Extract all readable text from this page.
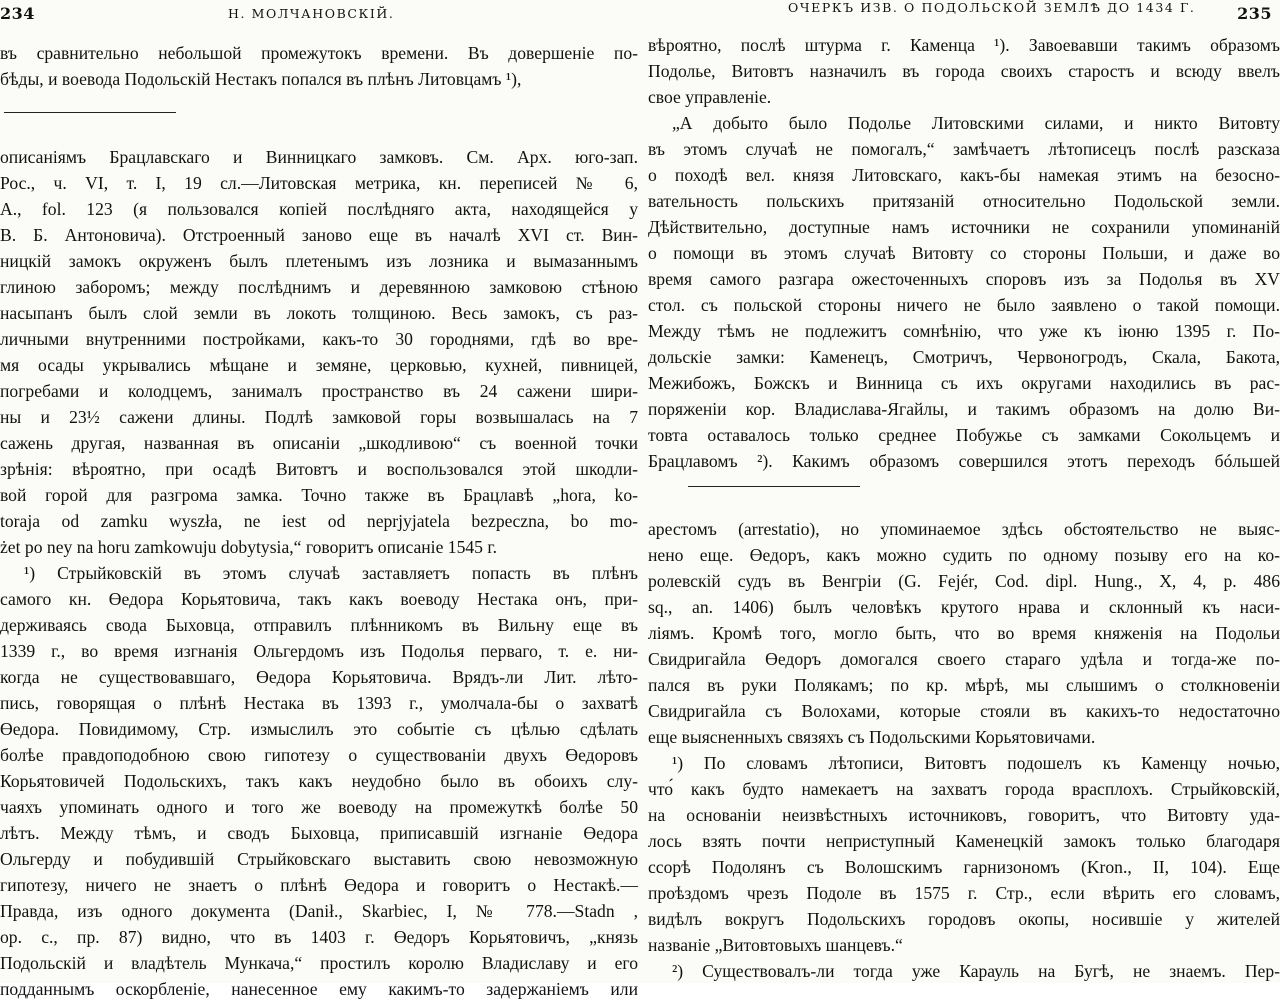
234	Н. МОЛЧАНОВСКІЙ.
въ сравнительно небольшой промежутокъ времени. Въ довершеніе по-
бѣды, и воевода Подольскій Нестакъ попался въ плѣнъ Литовцамъ ¹),
описаніямъ Брацлавскаго и Винницкаго замковъ. См. Арх. юго-зап.
Рос., ч. VI, т. I, 19 сл.—Литовская метрика, кн. переписей № 6,
А., fol. 123 (я пользовался копіей послѣдняго акта, находящейся у
В. Б. Антоновича). Отстроенный заново еще въ началѣ XVI ст. Вин-
ницкій замокъ окруженъ былъ плетенымъ изъ лозника и вымазаннымъ
глиною заборомъ; между послѣднимъ и деревянною замковою стѣною
насыпанъ былъ слой земли въ локоть толщиною. Весь замокъ, съ раз-
личными внутренними постройками, какъ-то 30 городнями, гдѣ во вре-
мя осады укрывались мѣщане и земяне, церковью, кухней, пивницей,
погребами и колодцемъ, занималъ пространство въ 24 сажени шири-
ны и 23½ сажени длины. Подлѣ замковой горы возвышалась на 7
сажень другая, названная въ описаніи „шкодливою“ съ военной точки
зрѣнія: вѣроятно, при осадѣ Витовтъ и воспользовался этой шкодли-
вой горой для разгрома замка. Точно также въ Брацлавѣ „hora, ko-
toraja od zamku wyszła, ne iest od neprjyjatela bezpeczna, bo mo-
żet po ney na horu zamkowuju dobytysia,“ говоритъ описаніе 1545 г.
¹) Стрыйковскій въ этомъ случаѣ заставляетъ попасть въ плѣнъ
самого кн. Өедора Корьятовича, такъ какъ воеводу Нестака онъ, при-
держиваясь свода Быховца, отправилъ плѣнникомъ въ Вильну еще въ
1339 г., во время изгнанія Ольгердомъ изъ Подолья перваго, т. е. ни-
когда не существовавшаго, Өедора Корьятовича. Врядъ-ли Лит. лѣто-
пись, говорящая о плѣнѣ Нестака въ 1393 г., умолчала-бы о захватѣ
Өедора. Повидимому, Стр. измыслилъ это событіе съ цѣлью сдѣлать
болѣе правдоподобною свою гипотезу о существованіи двухъ Өедоровъ
Корьятовичей Подольскихъ, такъ какъ неудобно было въ обоихъ слу-
чаяхъ упоминать одного и того же воеводу на промежуткѣ болѣе 50
лѣтъ. Между тѣмъ, и сводъ Быховца, приписавшій изгнаніе Өедора
Ольгерду и побудившій Стрыйковскаго выставить свою невозможную
гипотезу, ничего не знаетъ о плѣнѣ Өедора и говоритъ о Нестакѣ.—
Правда, изъ одного документа (Danił., Skarbiec, I, № 778.—Stadn ,
op. c., пр. 87) видно, что въ 1403 г. Өедоръ Корьятовичъ, „князь
Подольскій и владѣтель Мункача,“ простилъ королю Владиславу и его
подданнымъ оскорбленіе, нанесенное ему какимъ-то задержаніемъ или
ОЧЕРКЪ ИЗВ. О ПОДОЛЬСКОЙ ЗЕМЛѢ ДО 1434 Г.	235
вѣроятно, послѣ штурма г. Каменца ¹). Завоевавши такимъ образомъ
Подолье, Витовтъ назначилъ въ города своихъ старостъ и всюду ввелъ
свое управленіе.
„А добыто было Подолье Литовскими силами, и никто Витовту
въ этомъ случаѣ не помогалъ,“ замѣчаетъ лѣтописецъ послѣ разсказа
о походѣ вел. князя Литовскаго, какъ-бы намекая этимъ на безосно-
вательность польскихъ притязаній относительно Подольской земли.
Дѣйствительно, доступные намъ источники не сохранили упоминаній
о помощи въ этомъ случаѣ Витовту со стороны Польши, и даже во
время самого разгара ожесточенныхъ споровъ изъ за Подолья въ XV
стол. съ польской стороны ничего не было заявлено о такой помощи.
Между тѣмъ не подлежитъ сомнѣнію, что уже къ іюню 1395 г. По-
дольскіе замки: Каменецъ, Смотричъ, Червоногродъ, Скала, Бакота,
Межибожъ, Божскъ и Винница съ ихъ округами находились въ рас-
поряженіи кор. Владислава-Ягайлы, и такимъ образомъ на долю Ви-
товта оставалось только среднее Побужье съ замками Сокольцемъ и
Брацлавомъ ²). Какимъ образомъ совершился этотъ переходъ бóльшей
арестомъ (arrestatio), но упоминаемое здѣсь обстоятельство не выяс-
нено еще. Өедоръ, какъ можно судить по одному позыву его на ко-
ролевскій судъ въ Венгріи (G. Fejér, Cod. dipl. Hung., X, 4, p. 486
sq., an. 1406) былъ человѣкъ крутого нрава и склонный къ наси-
ліямъ. Кромѣ того, могло быть, что во время княженія на Подольи
Свидригайла Өедоръ домогался своего стараго удѣла и тогда-же по-
пался въ руки Полякамъ; по кр. мѣрѣ, мы слышимъ о столкновеніи
Свидригайла съ Волохами, которые стояли въ какихъ-то недостаточно
еще выясненныхъ связяхъ съ Подольскими Корьятовичами.
¹) По словамъ лѣтописи, Витовтъ подошелъ къ Каменцу ночью,
что́ какъ будто намекаетъ на захватъ города врасплохъ. Стрыйковскій,
на основаніи неизвѣстныхъ источниковъ, говоритъ, что Витовту уда-
лось взять почти неприступный Каменецкій замокъ только благодаря
ссорѣ Подолянъ съ Волошскимъ гарнизономъ (Kron., II, 104). Еще
проѣздомъ чрезъ Подоле въ 1575 г. Стр., если вѣрить его словамъ,
видѣлъ вокругъ Подольскихъ городовъ окопы, носившіе у жителей
названіе „Витовтовыхъ шанцевъ.“
²) Существовалъ-ли тогда уже Карауль на Бугѣ, не знаемъ. Пер-
